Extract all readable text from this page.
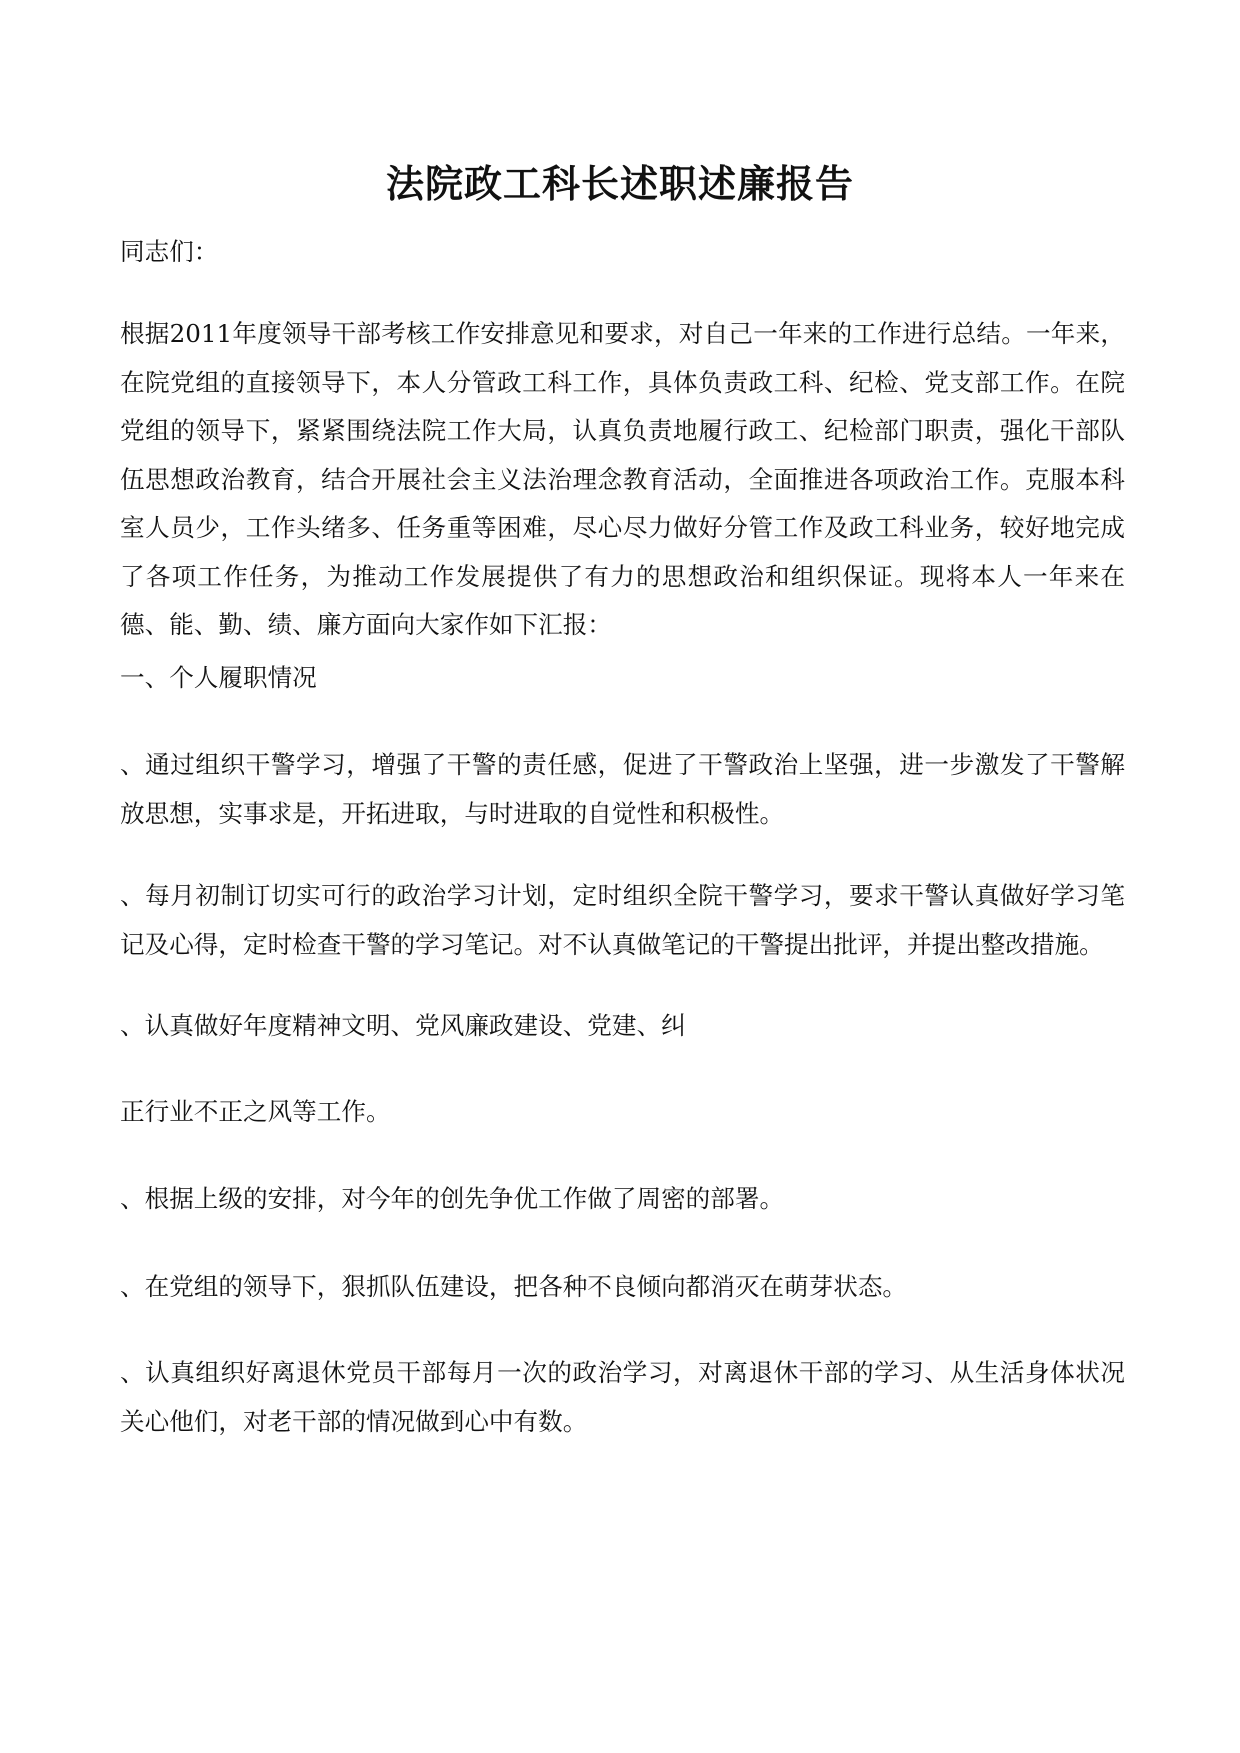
法院政工科长述职述廉报告

同志们：

根据2011年度领导干部考核工作安排意见和要求，对自己一年来的工作进行总结。一年来，在院党组的直接领导下，本人分管政工科工作，具体负责政工科、纪检、党支部工作。在院党组的领导下，紧紧围绕法院工作大局，认真负责地履行政工、纪检部门职责，强化干部队伍思想政治教育，结合开展社会主义法治理念教育活动，全面推进各项政治工作。克服本科室人员少，工作头绪多、任务重等困难，尽心尽力做好分管工作及政工科业务，较好地完成了各项工作任务，为推动工作发展提供了有力的思想政治和组织保证。现将本人一年来在德、能、勤、绩、廉方面向大家作如下汇报：

一、个人履职情况

、通过组织干警学习，增强了干警的责任感，促进了干警政治上坚强，进一步激发了干警解放思想，实事求是，开拓进取，与时进取的自觉性和积极性。

、每月初制订切实可行的政治学习计划，定时组织全院干警学习，要求干警认真做好学习笔记及心得，定时检查干警的学习笔记。对不认真做笔记的干警提出批评，并提出整改措施。

、认真做好年度精神文明、党风廉政建设、党建、纠

正行业不正之风等工作。

、根据上级的安排，对今年的创先争优工作做了周密的部署。

、在党组的领导下，狠抓队伍建设，把各种不良倾向都消灭在萌芽状态。

、认真组织好离退休党员干部每月一次的政治学习，对离退休干部的学习、从生活身体状况关心他们，对老干部的情况做到心中有数。
